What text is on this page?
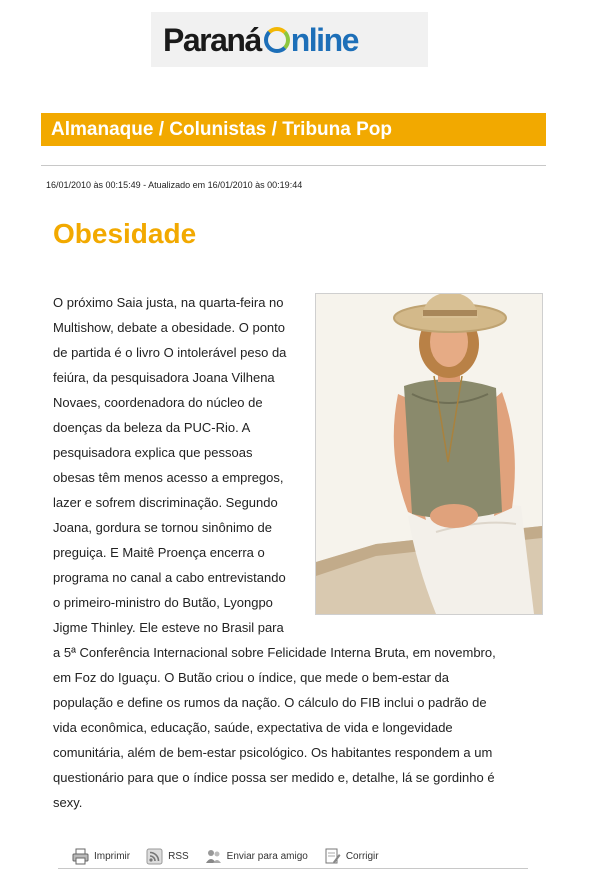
Paraná nline
Almanaque / Colunistas / Tribuna Pop
16/01/2010 às 00:15:49 - Atualizado em 16/01/2010 às 00:19:44
Obesidade
O próximo Saia justa, na quarta-feira no
Multishow, debate a obesidade. O ponto
de partida é o livro O intolerável peso da
feiúra, da pesquisadora Joana Vilhena
Novaes, coordenadora do núcleo de
doenças da beleza da PUC-Rio. A
pesquisadora explica que pessoas
obesas têm menos acesso a empregos,
lazer e sofrem discriminação. Segundo
Joana, gordura se tornou sinônimo de
preguiça. E Maitê Proença encerra o
programa no canal a cabo entrevistando
o primeiro-ministro do Butão, Lyongpo
Jigme Thinley. Ele esteve no Brasil para
a 5ª Conferência Internacional sobre Felicidade Interna Bruta, em novembro,
em Foz do Iguaçu. O Butão criou o índice, que mede o bem-estar da
população e define os rumos da nação. O cálculo do FIB inclui o padrão de
vida econômica, educação, saúde, expectativa de vida e longevidade
comunitária, além de bem-estar psicológico. Os habitantes respondem a um
questionário para que o índice possa ser medido e, detalhe, lá se gordinho é
sexy.
Imprimir	RSS	Enviar para amigo	Corrigir
